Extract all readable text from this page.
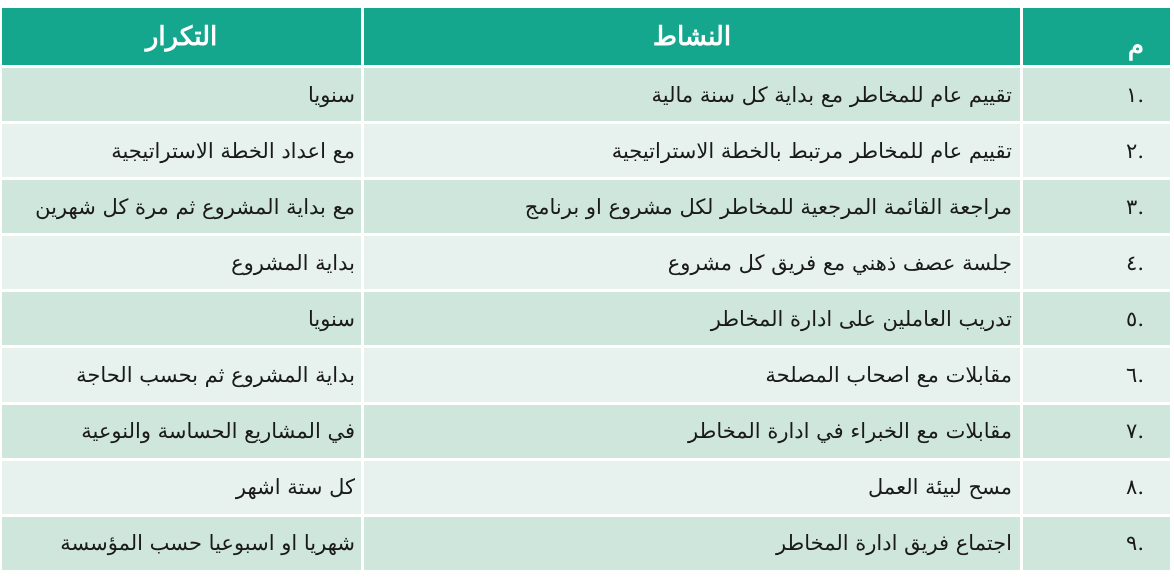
التكرار	النشاط	م
سنويا	تقييم عام للمخاطر مع بداية كل سنة مالية	.١
مع اعداد الخطة الاستراتيجية	تقييم عام للمخاطر مرتبط بالخطة الاستراتيجية	.٢
مع بداية المشروع ثم مرة كل شهرين	مراجعة القائمة المرجعية للمخاطر لكل مشروع او برنامج	.٣
بداية المشروع	جلسة عصف ذهني مع فريق كل مشروع	.٤
سنويا	تدريب العاملين على ادارة المخاطر	.٥
بداية المشروع ثم بحسب الحاجة	مقابلات مع اصحاب المصلحة	.٦
في المشاريع الحساسة والنوعية	مقابلات مع الخبراء في ادارة المخاطر	.٧
كل ستة اشهر	مسح لبيئة العمل	.٨
شهريا او اسبوعيا حسب المؤسسة	اجتماع فريق ادارة المخاطر	.٩
